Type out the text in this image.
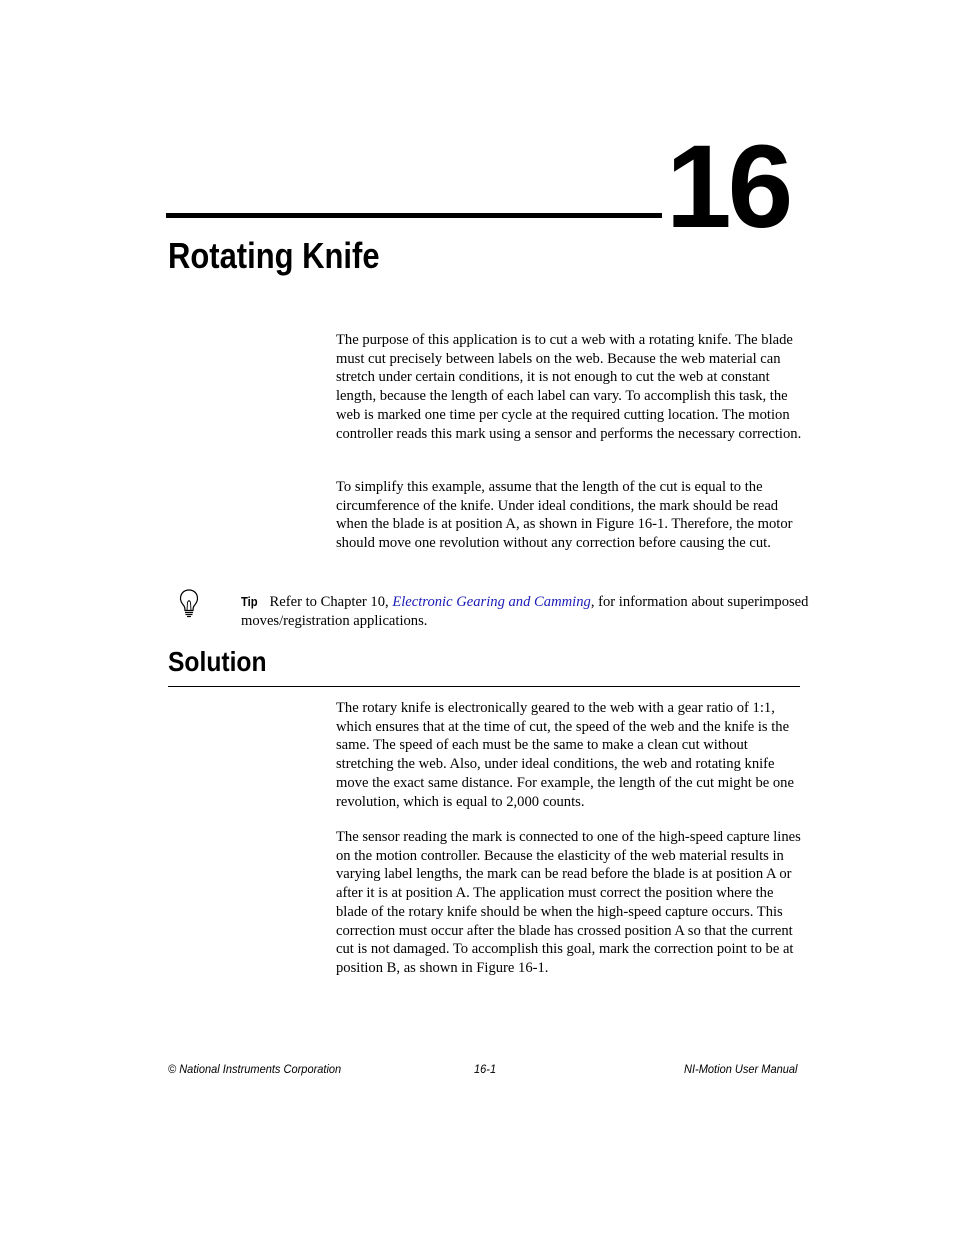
16
Rotating Knife

The purpose of this application is to cut a web with a rotating knife. The blade must cut precisely between labels on the web. Because the web material can stretch under certain conditions, it is not enough to cut the web at constant length, because the length of each label can vary. To accomplish this task, the web is marked one time per cycle at the required cutting location. The motion controller reads this mark using a sensor and performs the necessary correction.

To simplify this example, assume that the length of the cut is equal to the circumference of the knife. Under ideal conditions, the mark should be read when the blade is at position A, as shown in Figure 16-1. Therefore, the motor should move one revolution without any correction before causing the cut.

Tip Refer to Chapter 10, Electronic Gearing and Camming, for information about superimposed moves/registration applications.
Solution

The rotary knife is electronically geared to the web with a gear ratio of 1:1, which ensures that at the time of cut, the speed of the web and the knife is the same. The speed of each must be the same to make a clean cut without stretching the web. Also, under ideal conditions, the web and rotating knife move the exact same distance. For example, the length of the cut might be one revolution, which is equal to 2,000 counts.

The sensor reading the mark is connected to one of the high-speed capture lines on the motion controller. Because the elasticity of the web material results in varying label lengths, the mark can be read before the blade is at position A or after it is at position A. The application must correct the position where the blade of the rotary knife should be when the high-speed capture occurs. This correction must occur after the blade has crossed position A so that the current cut is not damaged. To accomplish this goal, mark the correction point to be at position B, as shown in Figure 16-1.

© National Instruments Corporation	16-1	NI-Motion User Manual
